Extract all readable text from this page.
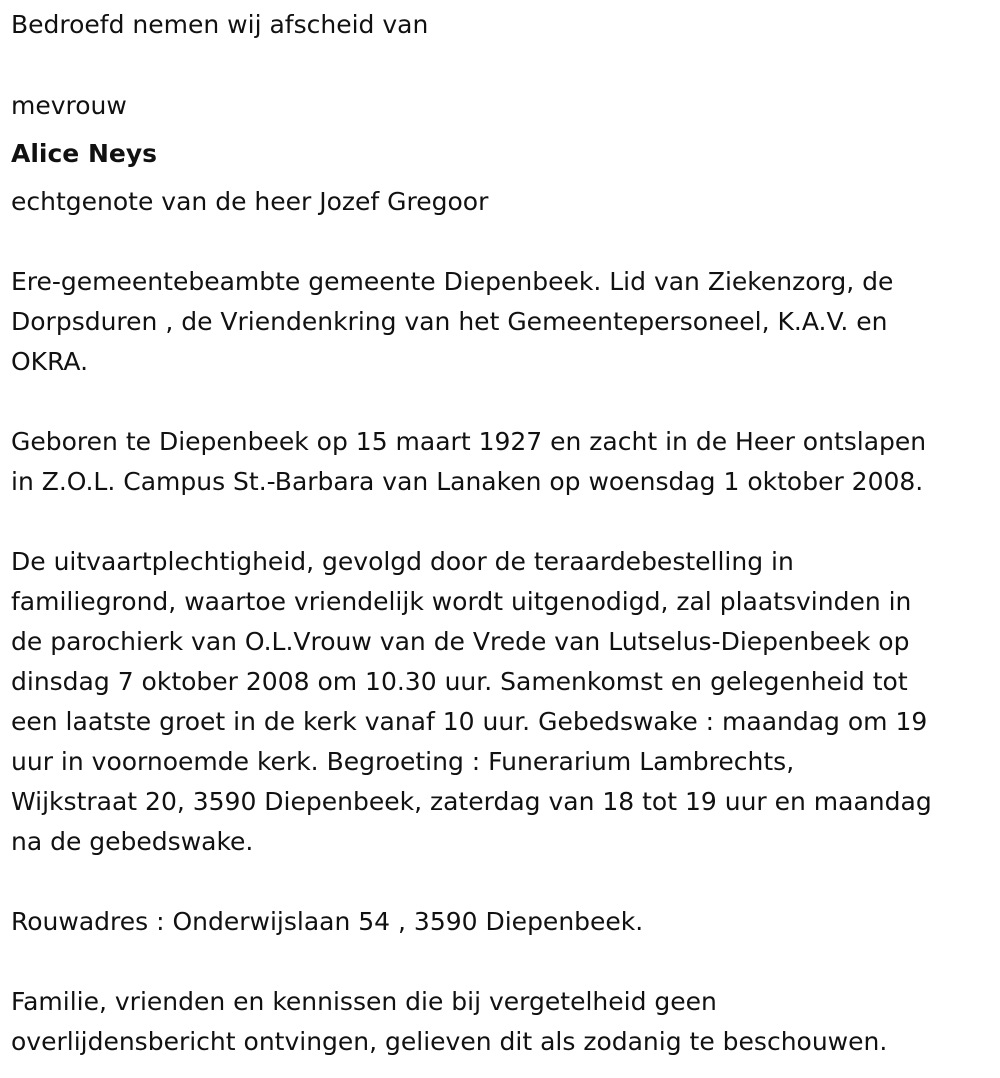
Bedroefd nemen wij afscheid van
mevrouw
Alice Neys
echtgenote van de heer Jozef Gregoor
Ere-gemeentebeambte gemeente Diepenbeek. Lid van Ziekenzorg, de
Dorpsduren , de Vriendenkring van het Gemeentepersoneel, K.A.V. en
OKRA.
Geboren te Diepenbeek op 15 maart 1927 en zacht in de Heer ontslapen
in Z.O.L. Campus St.-Barbara van Lanaken op woensdag 1 oktober 2008.
De uitvaartplechtigheid, gevolgd door de teraardebestelling in
familiegrond, waartoe vriendelijk wordt uitgenodigd, zal plaatsvinden in
de parochierk van O.L.Vrouw van de Vrede van Lutselus-Diepenbeek op
dinsdag 7 oktober 2008 om 10.30 uur. Samenkomst en gelegenheid tot
een laatste groet in de kerk vanaf 10 uur. Gebedswake : maandag om 19
uur in voornoemde kerk. Begroeting : Funerarium Lambrechts,
Wijkstraat 20, 3590 Diepenbeek, zaterdag van 18 tot 19 uur en maandag
na de gebedswake.
Rouwadres : Onderwijslaan 54 , 3590 Diepenbeek.
Familie, vrienden en kennissen die bij vergetelheid geen
overlijdensbericht ontvingen, gelieven dit als zodanig te beschouwen.
